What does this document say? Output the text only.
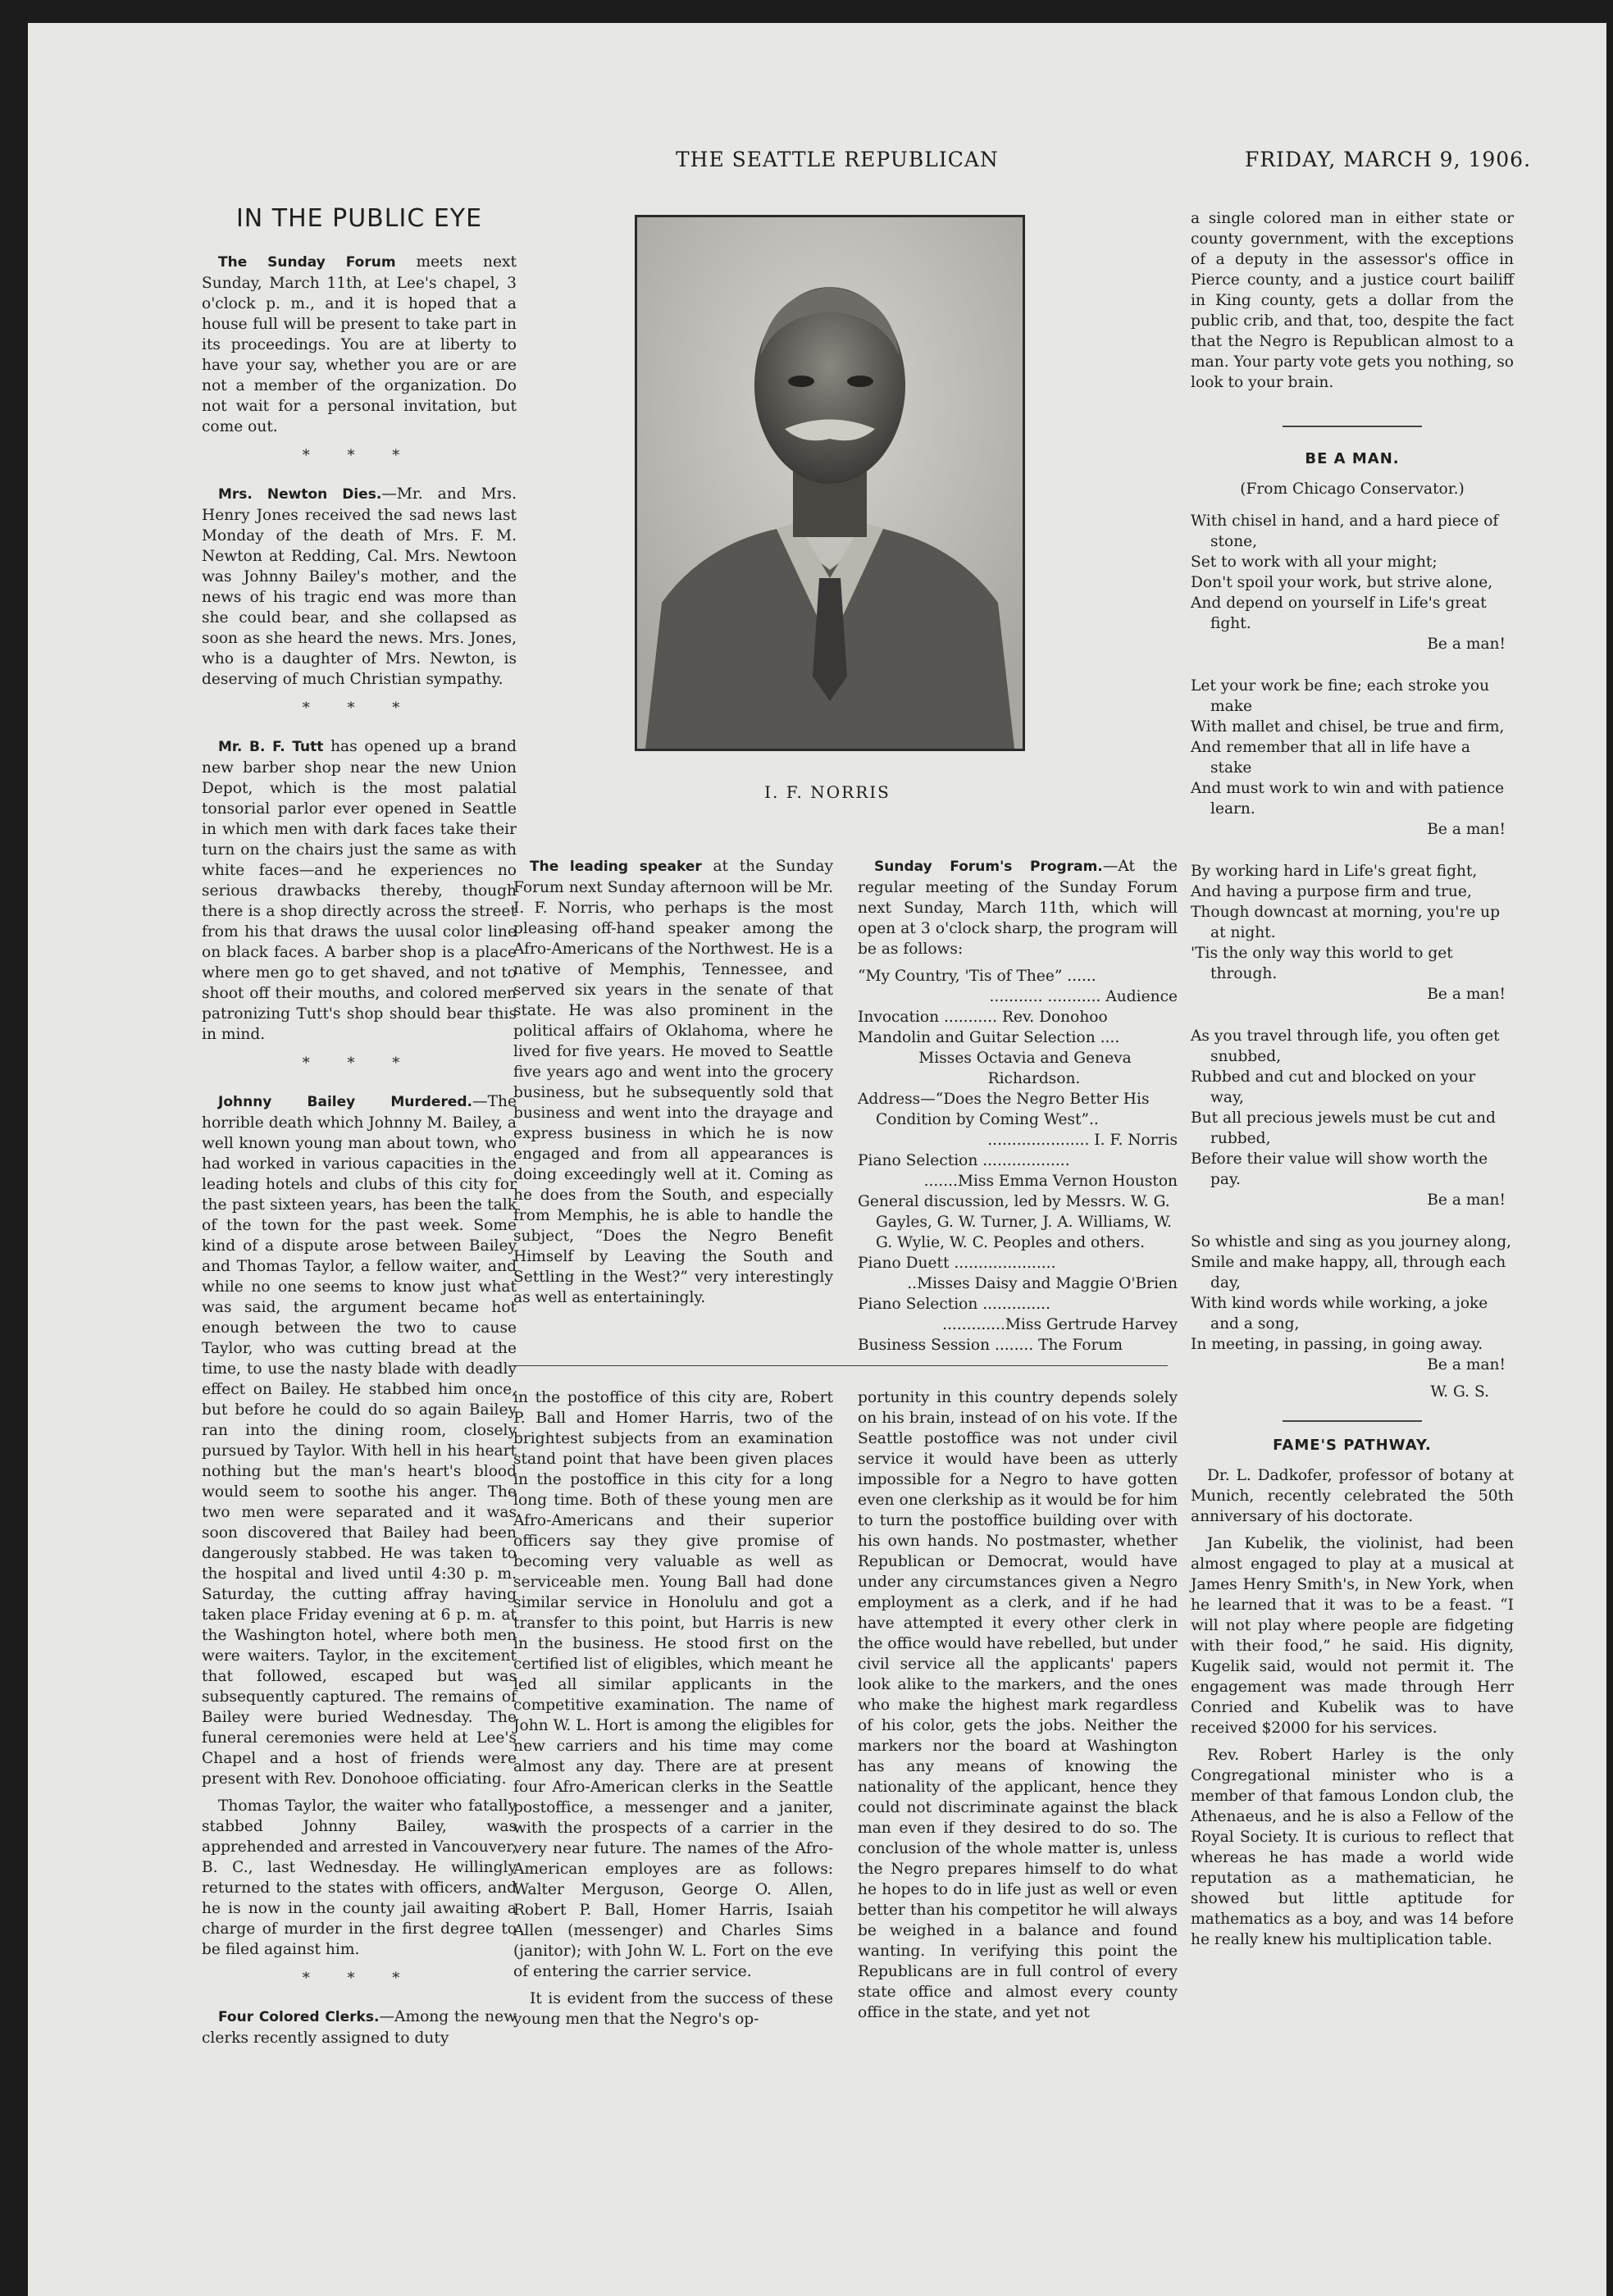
THE SEATTLE REPUBLICAN	FRIDAY, MARCH 9, 1906.
IN THE PUBLIC EYE

The Sunday Forum meets next Sunday, March 11th, at Lee's chapel, 3 o'clock p. m., and it is hoped that a house full will be present to take part in its proceedings. You are at liberty to have your say, whether you are or are not a member of the organization. Do not wait for a personal invitation, but come out.

* * *

Mrs. Newton Dies.—Mr. and Mrs. Henry Jones received the sad news last Monday of the death of Mrs. F. M. Newton at Redding, Cal. Mrs. Newtoon was Johnny Bailey's mother, and the news of his tragic end was more than she could bear, and she collapsed as soon as she heard the news. Mrs. Jones, who is a daughter of Mrs. Newton, is deserving of much Christian sympathy.

* * *

Mr. B. F. Tutt has opened up a brand new barber shop near the new Union Depot, which is the most palatial tonsorial parlor ever opened in Seattle in which men with dark faces take their turn on the chairs just the same as with white faces—and he experiences no serious drawbacks thereby, though there is a shop directly across the street from his that draws the uusal color line on black faces. A barber shop is a place where men go to get shaved, and not to shoot off their mouths, and colored men patronizing Tutt's shop should bear this in mind.

* * *

Johnny Bailey Murdered.—The horrible death which Johnny M. Bailey, a well known young man about town, who had worked in various capacities in the leading hotels and clubs of this city for the past sixteen years, has been the talk of the town for the past week. Some kind of a dispute arose between Bailey and Thomas Taylor, a fellow waiter, and while no one seems to know just what was said, the argument became hot enough between the two to cause Taylor, who was cutting bread at the time, to use the nasty blade with deadly effect on Bailey. He stabbed him once, but before he could do so again Bailey ran into the dining room, closely pursued by Taylor. With hell in his heart nothing but the man's heart's blood would seem to soothe his anger. The two men were separated and it was soon discovered that Bailey had been dangerously stabbed. He was taken to the hospital and lived until 4:30 p. m. Saturday, the cutting affray having taken place Friday evening at 6 p. m. at the Washington hotel, where both men were waiters. Taylor, in the excitement that followed, escaped but was subsequently captured. The remains of Bailey were buried Wednesday. The funeral ceremonies were held at Lee's Chapel and a host of friends were present with Rev. Donohooe officiating.

Thomas Taylor, the waiter who fatally stabbed Johnny Bailey, was apprehended and arrested in Vancouver, B. C., last Wednesday. He willingly returned to the states with officers, and he is now in the county jail awaiting a charge of murder in the first degree to be filed against him.

* * *

Four Colored Clerks.—Among the new clerks recently assigned to duty

I. F. NORRIS

The leading speaker at the Sunday Forum next Sunday afternoon will be Mr. I. F. Norris, who perhaps is the most pleasing off-hand speaker among the Afro-Americans of the Northwest. He is a native of Memphis, Tennessee, and served six years in the senate of that state. He was also prominent in the political affairs of Oklahoma, where he lived for five years. He moved to Seattle five years ago and went into the grocery business, but he subsequently sold that business and went into the drayage and express business in which he is now engaged and from all appearances is doing exceedingly well at it. Coming as he does from the South, and especially from Memphis, he is able to handle the subject, “Does the Negro Benefit Himself by Leaving the South and Settling in the West?” very interestingly as well as entertainingly.

Sunday Forum's Program.—At the regular meeting of the Sunday Forum next Sunday, March 11th, which will open at 3 o'clock sharp, the program will be as follows:

“My Country, 'Tis of Thee” ......
........... ........... Audience
Invocation ........... Rev. Donohoo
Mandolin and Guitar Selection ....
Misses Octavia and Geneva Richardson.
Address—“Does the Negro Better His Condition by Coming West”..
..................... I. F. Norris
Piano Selection ..................
.......Miss Emma Vernon Houston
General discussion, led by Messrs. W. G. Gayles, G. W. Turner, J. A. Williams, W. G. Wylie, W. C. Peoples and others.
Piano Duett .....................
..Misses Daisy and Maggie O'Brien
Piano Selection ..............
.............Miss Gertrude Harvey
Business Session ........ The Forum

in the postoffice of this city are, Robert P. Ball and Homer Harris, two of the brightest subjects from an examination stand point that have been given places in the postoffice in this city for a long long time. Both of these young men are Afro-Americans and their superior officers say they give promise of becoming very valuable as well as serviceable men. Young Ball had done similar service in Honolulu and got a transfer to this point, but Harris is new in the business. He stood first on the certified list of eligibles, which meant he led all similar applicants in the competitive examination. The name of John W. L. Hort is among the eligibles for new carriers and his time may come almost any day. There are at present four Afro-American clerks in the Seattle postoffice, a messenger and a janiter, with the prospects of a carrier in the very near future. The names of the Afro-American employes are as follows: Walter Merguson, George O. Allen, Robert P. Ball, Homer Harris, Isaiah Allen (messenger) and Charles Sims (janitor); with John W. L. Fort on the eve of entering the carrier service.

It is evident from the success of these young men that the Negro's op-

portunity in this country depends solely on his brain, instead of on his vote. If the Seattle postoffice was not under civil service it would have been as utterly impossible for a Negro to have gotten even one clerkship as it would be for him to turn the postoffice building over with his own hands. No postmaster, whether Republican or Democrat, would have under any circumstances given a Negro employment as a clerk, and if he had have attempted it every other clerk in the office would have rebelled, but under civil service all the applicants' papers look alike to the markers, and the ones who make the highest mark regardless of his color, gets the jobs. Neither the markers nor the board at Washington has any means of knowing the nationality of the applicant, hence they could not discriminate against the black man even if they desired to do so. The conclusion of the whole matter is, unless the Negro prepares himself to do what he hopes to do in life just as well or even better than his competitor he will always be weighed in a balance and found wanting. In verifying this point the Republicans are in full control of every state office and almost every county office in the state, and yet not

a single colored man in either state or county government, with the exceptions of a deputy in the assessor's office in Pierce county, and a justice court bailiff in King county, gets a dollar from the public crib, and that, too, despite the fact that the Negro is Republican almost to a man. Your party vote gets you nothing, so look to your brain.

BE A MAN.
(From Chicago Conservator.)
With chisel in hand, and a hard piece of stone,
Set to work with all your might;
Don't spoil your work, but strive alone,
And depend on yourself in Life's great fight.
Be a man!
Let your work be fine; each stroke you make
With mallet and chisel, be true and firm,
And remember that all in life have a stake
And must work to win and with patience learn.
Be a man!
By working hard in Life's great fight,
And having a purpose firm and true,
Though downcast at morning, you're up at night.
'Tis the only way this world to get through.
Be a man!
As you travel through life, you often get snubbed,
Rubbed and cut and blocked on your way,
But all precious jewels must be cut and rubbed,
Before their value will show worth the pay.
Be a man!
So whistle and sing as you journey along,
Smile and make happy, all, through each day,
With kind words while working, a joke and a song,
In meeting, in passing, in going away.
Be a man!
W. G. S.
FAME'S PATHWAY.

Dr. L. Dadkofer, professor of botany at Munich, recently celebrated the 50th anniversary of his doctorate.

Jan Kubelik, the violinist, had been almost engaged to play at a musical at James Henry Smith's, in New York, when he learned that it was to be a feast. “I will not play where people are fidgeting with their food,” he said. His dignity, Kugelik said, would not permit it. The engagement was made through Herr Conried and Kubelik was to have received $2000 for his services.

Rev. Robert Harley is the only Congregational minister who is a member of that famous London club, the Athenaeus, and he is also a Fellow of the Royal Society. It is curious to reflect that whereas he has made a world wide reputation as a mathematician, he showed but little aptitude for mathematics as a boy, and was 14 before he really knew his multiplication table.
